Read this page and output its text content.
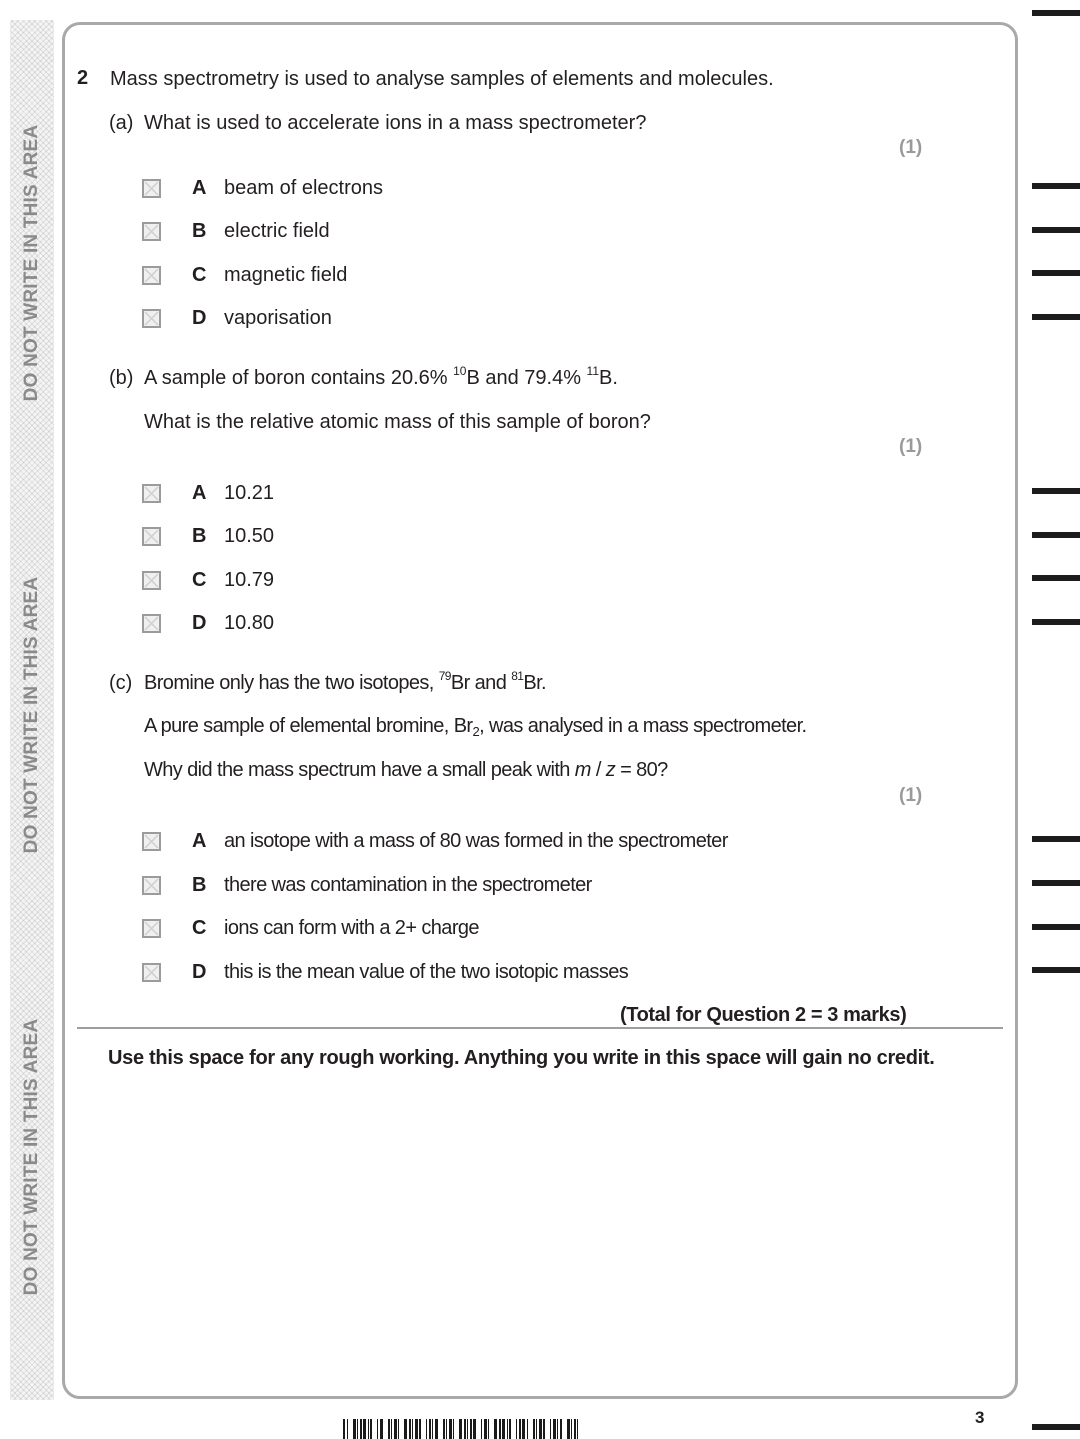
DO NOT WRITE IN THIS AREA
DO NOT WRITE IN THIS AREA
DO NOT WRITE IN THIS AREA
2 Mass spectrometry is used to analyse samples of elements and molecules.
(a) What is used to accelerate ions in a mass spectrometer?
(1)
A beam of electrons
B electric field
C magnetic field
D vaporisation
(b) A sample of boron contains 20.6% $^{10}$B and 79.4% $^{11}$B.
What is the relative atomic mass of this sample of boron?
(1)
A 10.21
B 10.50
C 10.79
D 10.80
(c) Bromine only has the two isotopes, $^{79}$Br and $^{81}$Br.
A pure sample of elemental bromine, $Br_2$, was analysed in a mass spectrometer.
Why did the mass spectrum have a small peak with m / z = 80?
(1)
A an isotope with a mass of 80 was formed in the spectrometer
B there was contamination in the spectrometer
C ions can form with a 2+ charge
D this is the mean value of the two isotopic masses
(Total for Question 2 = 3 marks)
Use this space for any rough working. Anything you write in this space will gain no credit.
3
